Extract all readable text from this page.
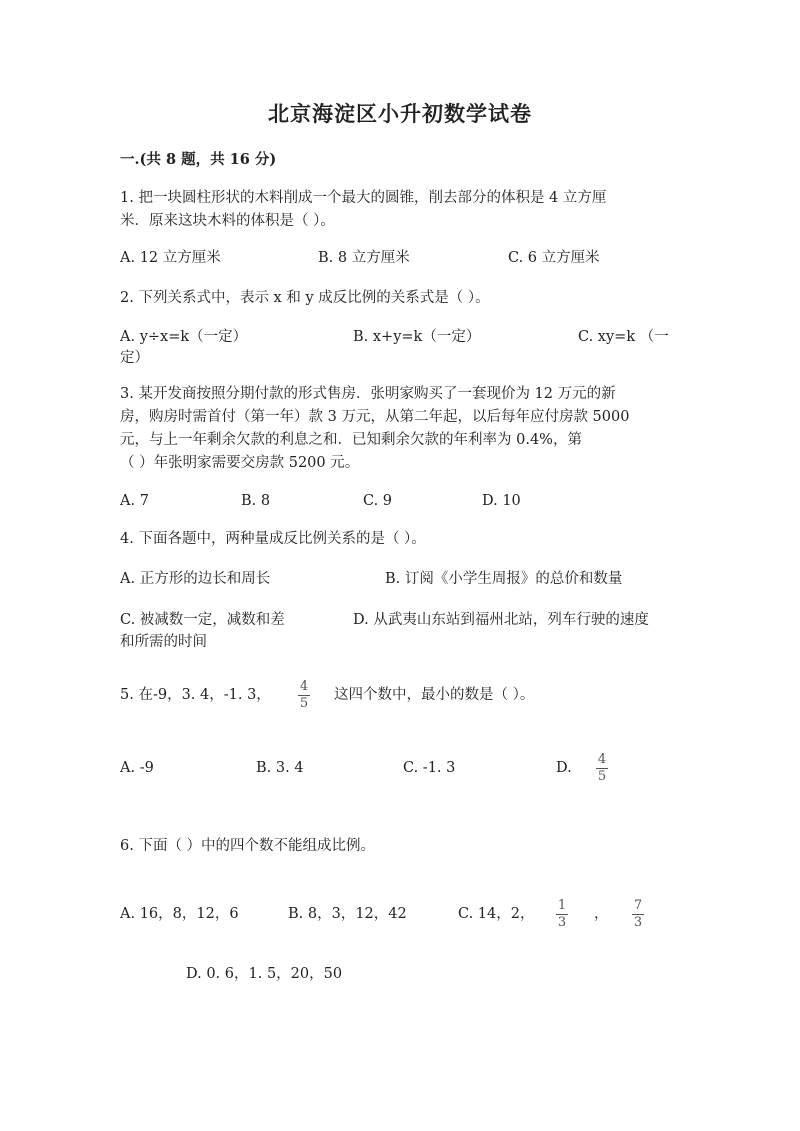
北京海淀区小升初数学试卷
一.(共 8 题，共 16 分)
1. 把一块圆柱形状的木料削成一个最大的圆锥，削去部分的体积是 4 立方厘
米．原来这块木料的体积是（ ）。
A. 12 立方厘米	B. 8 立方厘米	C. 6 立方厘米
2. 下列关系式中，表示 x 和 y 成反比例的关系式是（ ）。
A. y÷x=k（一定）	B. x+y=k（一定）	C. xy=k （一
定）
3. 某开发商按照分期付款的形式售房．张明家购买了一套现价为 12 万元的新
房，购房时需首付（第一年）款 3 万元，从第二年起，以后每年应付房款 5000
元，与上一年剩余欠款的利息之和．已知剩余欠款的年利率为 0.4%，第
（ ）年张明家需要交房款 5200 元。
A. 7	B. 8	C. 9	D. 10
4. 下面各题中，两种量成反比例关系的是（ ）。
A. 正方形的边长和周长	B. 订阅《小学生周报》的总价和数量
C. 被减数一定，减数和差	D. 从武夷山东站到福州北站，列车行驶的速度
和所需的时间
5. 在-9，3. 4，-1. 3，
4
5
这四个数中，最小的数是（ ）。
A. -9	B. 3. 4	C. -1. 3	D.
4
5
6. 下面（ ）中的四个数不能组成比例。
A. 16，8，12，6	B. 8，3，12，42	C. 14，2，
1
3
，
7
3
D. 0. 6，1. 5，20，50
